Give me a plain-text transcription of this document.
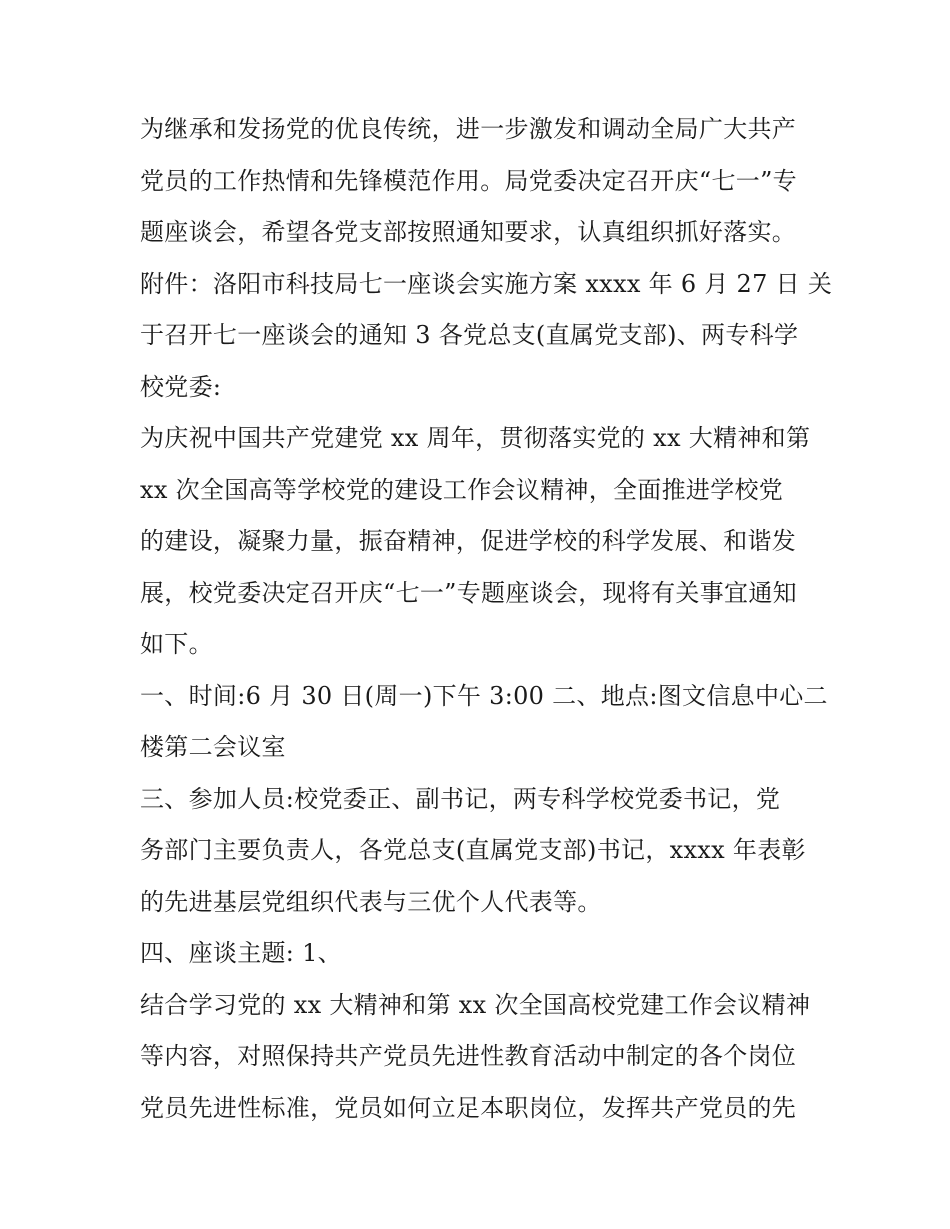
为继承和发扬党的优良传统，进一步激发和调动全局广大共产
党员的工作热情和先锋模范作用。局党委决定召开庆“七一”专
题座谈会，希望各党支部按照通知要求，认真组织抓好落实。
附件：洛阳市科技局七一座谈会实施方案 xxxx 年 6 月 27 日 关
于召开七一座谈会的通知 3 各党总支(直属党支部)、两专科学
校党委:
为庆祝中国共产党建党 xx 周年，贯彻落实党的 xx 大精神和第
xx 次全国高等学校党的建设工作会议精神，全面推进学校党
的建设，凝聚力量，振奋精神，促进学校的科学发展、和谐发
展，校党委决定召开庆“七一”专题座谈会，现将有关事宜通知
如下。
一、时间:6 月 30 日(周一)下午 3:00 二、地点:图文信息中心二
楼第二会议室
三、参加人员:校党委正、副书记，两专科学校党委书记，党
务部门主要负责人，各党总支(直属党支部)书记，xxxx 年表彰
的先进基层党组织代表与三优个人代表等。
四、座谈主题: 1、
结合学习党的 xx 大精神和第 xx 次全国高校党建工作会议精神
等内容，对照保持共产党员先进性教育活动中制定的各个岗位
党员先进性标准，党员如何立足本职岗位，发挥共产党员的先
